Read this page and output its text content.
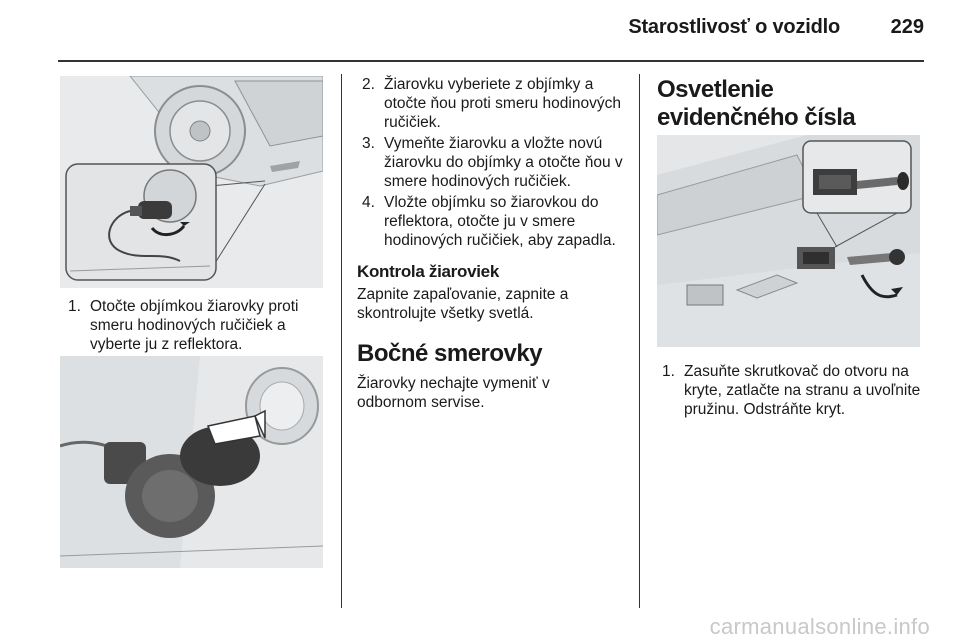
Starostlivosť o vozidlo	229

1. Otočte objímkou žiarovky proti smeru hodinových ručičiek a vyberte ju z reflektora.

2. Žiarovku vyberiete z objímky a otočte ňou proti smeru hodinových ručičiek.

3. Vymeňte žiarovku a vložte novú žiarovku do objímky a otočte ňou v smere hodinových ručičiek.

4. Vložte objímku so žiarovkou do reflektora, otočte ju v smere hodinových ručičiek, aby zapadla.

Kontrola žiaroviek

Zapnite zapaľovanie, zapnite a skontrolujte všetky svetlá.

Bočné smerovky

Žiarovky nechajte vymeniť v odbornom servise.

Osvetlenie evidenčného čísla

1. Zasuňte skrutkovač do otvoru na kryte, zatlačte na stranu a uvoľnite pružinu. Odstráňte kryt.

carmanualsonline.info
